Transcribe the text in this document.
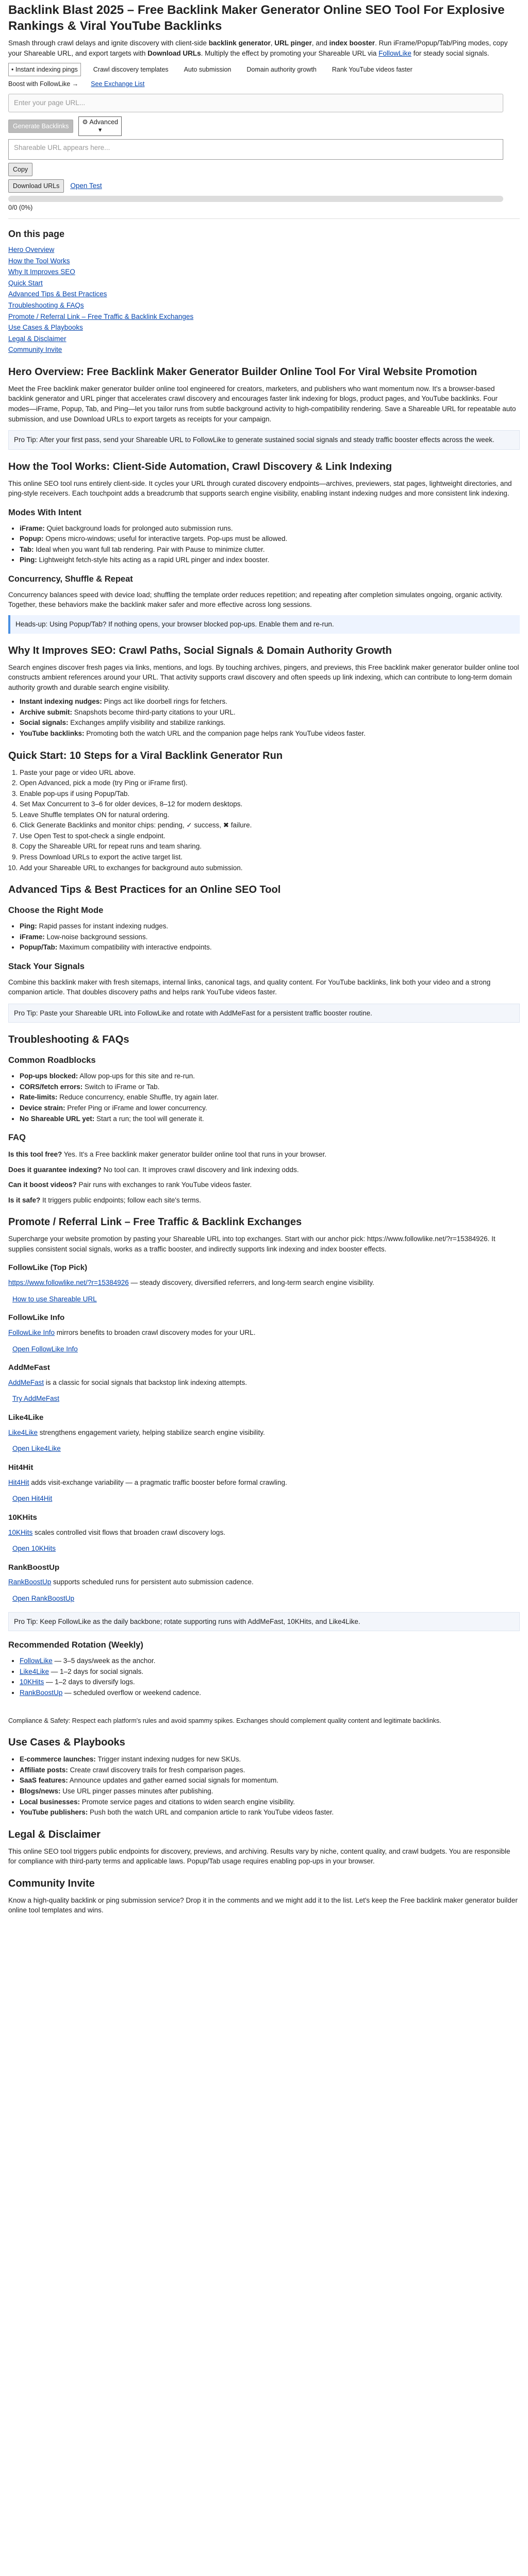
Backlink Blast 2025 – Free Backlink Maker Generator Online SEO Tool For Explosive Rankings & Viral YouTube Backlinks

Smash through crawl delays and ignite discovery with client-side backlink generator, URL pinger, and index booster. Run iFrame/Popup/Tab/Ping modes, copy your Shareable URL, and export targets with Download URLs. Multiply the effect by promoting your Shareable URL via FollowLike for steady social signals.

• Instant indexing pings	Crawl discovery templates	Auto submission	Domain authority growth	Rank YouTube videos faster
Boost with FollowLike → See Exchange List
Enter your page URL...
Generate Backlinks
⚙ Advanced
▾
Shareable URL appears here...
Copy
Download URLs	Open Test
0/0 (0%)
On this page
Hero Overview
How the Tool Works
Why It Improves SEO
Quick Start
Advanced Tips & Best Practices
Troubleshooting & FAQs
Promote / Referral Link – Free Traffic & Backlink Exchanges
Use Cases & Playbooks
Legal & Disclaimer
Community Invite
Hero Overview: Free Backlink Maker Generator Builder Online Tool For Viral Website Promotion

Meet the Free backlink maker generator builder online tool engineered for creators, marketers, and publishers who want momentum now. It's a browser-based backlink generator and URL pinger that accelerates crawl discovery and encourages faster link indexing for blogs, product pages, and YouTube backlinks. Four modes—iFrame, Popup, Tab, and Ping—let you tailor runs from subtle background activity to high-compatibility rendering. Save a Shareable URL for repeatable auto submission, and use Download URLs to export targets as receipts for your campaign.

Pro Tip: After your first pass, send your Shareable URL to FollowLike to generate sustained social signals and steady traffic booster effects across the week.
How the Tool Works: Client-Side Automation, Crawl Discovery & Link Indexing

This online SEO tool runs entirely client-side. It cycles your URL through curated discovery endpoints—archives, previewers, stat pages, lightweight directories, and ping-style receivers. Each touchpoint adds a breadcrumb that supports search engine visibility, enabling instant indexing nudges and more consistent link indexing.

Modes With Intent
• iFrame: Quiet background loads for prolonged auto submission runs.
• Popup: Opens micro-windows; useful for interactive targets. Pop-ups must be allowed.
• Tab: Ideal when you want full tab rendering. Pair with Pause to minimize clutter.
• Ping: Lightweight fetch-style hits acting as a rapid URL pinger and index booster.
Concurrency, Shuffle & Repeat

Concurrency balances speed with device load; shuffling the template order reduces repetition; and repeating after completion simulates ongoing, organic activity. Together, these behaviors make the backlink maker safer and more effective across long sessions.

Heads-up: Using Popup/Tab? If nothing opens, your browser blocked pop-ups. Enable them and re-run.
Why It Improves SEO: Crawl Paths, Social Signals & Domain Authority Growth

Search engines discover fresh pages via links, mentions, and logs. By touching archives, pingers, and previews, this Free backlink maker generator builder online tool constructs ambient references around your URL. That activity supports crawl discovery and often speeds up link indexing, which can contribute to long-term domain authority growth and durable search engine visibility.

• Instant indexing nudges: Pings act like doorbell rings for fetchers.
• Archive submit: Snapshots become third-party citations to your URL.
• Social signals: Exchanges amplify visibility and stabilize rankings.
• YouTube backlinks: Promoting both the watch URL and the companion page helps rank YouTube videos faster.
Quick Start: 10 Steps for a Viral Backlink Generator Run
1. Paste your page or video URL above.
2. Open Advanced, pick a mode (try Ping or iFrame first).
3. Enable pop-ups if using Popup/Tab.
4. Set Max Concurrent to 3–6 for older devices, 8–12 for modern desktops.
5. Leave Shuffle templates ON for natural ordering.
6. Click Generate Backlinks and monitor chips: pending, ✓ success, ✖ failure.
7. Use Open Test to spot-check a single endpoint.
8. Copy the Shareable URL for repeat runs and team sharing.
9. Press Download URLs to export the active target list.
10. Add your Shareable URL to exchanges for background auto submission.
Advanced Tips & Best Practices for an Online SEO Tool
Choose the Right Mode
• Ping: Rapid passes for instant indexing nudges.
• iFrame: Low-noise background sessions.
• Popup/Tab: Maximum compatibility with interactive endpoints.
Stack Your Signals

Combine this backlink maker with fresh sitemaps, internal links, canonical tags, and quality content. For YouTube backlinks, link both your video and a strong companion article. That doubles discovery paths and helps rank YouTube videos faster.

Pro Tip: Paste your Shareable URL into FollowLike and rotate with AddMeFast for a persistent traffic booster routine.
Troubleshooting & FAQs
Common Roadblocks
• Pop-ups blocked: Allow pop-ups for this site and re-run.
• CORS/fetch errors: Switch to iFrame or Tab.
• Rate-limits: Reduce concurrency, enable Shuffle, try again later.
• Device strain: Prefer Ping or iFrame and lower concurrency.
• No Shareable URL yet: Start a run; the tool will generate it.
FAQ

Is this tool free? Yes. It's a Free backlink maker generator builder online tool that runs in your browser.

Does it guarantee indexing? No tool can. It improves crawl discovery and link indexing odds.

Can it boost videos? Pair runs with exchanges to rank YouTube videos faster.

Is it safe? It triggers public endpoints; follow each site's terms.

Promote / Referral Link – Free Traffic & Backlink Exchanges

Supercharge your website promotion by pasting your Shareable URL into top exchanges. Start with our anchor pick: https://www.followlike.net/?r=15384926. It supplies consistent social signals, works as a traffic booster, and indirectly supports link indexing and index booster effects.

FollowLike (Top Pick)

https://www.followlike.net/?r=15384926 — steady discovery, diversified referrers, and long-term search engine visibility.

How to use Shareable URL
FollowLike Info

FollowLike Info mirrors benefits to broaden crawl discovery modes for your URL.

Open FollowLike Info
AddMeFast

AddMeFast is a classic for social signals that backstop link indexing attempts.

Try AddMeFast
Like4Like

Like4Like strengthens engagement variety, helping stabilize search engine visibility.

Open Like4Like
Hit4Hit

Hit4Hit adds visit-exchange variability — a pragmatic traffic booster before formal crawling.

Open Hit4Hit
10KHits

10KHits scales controlled visit flows that broaden crawl discovery logs.

Open 10KHits
RankBoostUp

RankBoostUp supports scheduled runs for persistent auto submission cadence.

Open RankBoostUp
Pro Tip: Keep FollowLike as the daily backbone; rotate supporting runs with AddMeFast, 10KHits, and Like4Like.
Recommended Rotation (Weekly)
• FollowLike — 3–5 days/week as the anchor.
• Like4Like — 1–2 days for social signals.
• 10KHits — 1–2 days to diversify logs.
• RankBoostUp — scheduled overflow or weekend cadence.

Compliance & Safety: Respect each platform's rules and avoid spammy spikes. Exchanges should complement quality content and legitimate backlinks.

Use Cases & Playbooks
• E-commerce launches: Trigger instant indexing nudges for new SKUs.
• Affiliate posts: Create crawl discovery trails for fresh comparison pages.
• SaaS features: Announce updates and gather earned social signals for momentum.
• Blogs/news: Use URL pinger passes minutes after publishing.
• Local businesses: Promote service pages and citations to widen search engine visibility.
• YouTube publishers: Push both the watch URL and companion article to rank YouTube videos faster.
Legal & Disclaimer

This online SEO tool triggers public endpoints for discovery, previews, and archiving. Results vary by niche, content quality, and crawl budgets. You are responsible for compliance with third-party terms and applicable laws. Popup/Tab usage requires enabling pop-ups in your browser.

Community Invite

Know a high-quality backlink or ping submission service? Drop it in the comments and we might add it to the list. Let's keep the Free backlink maker generator builder online tool templates and wins.
